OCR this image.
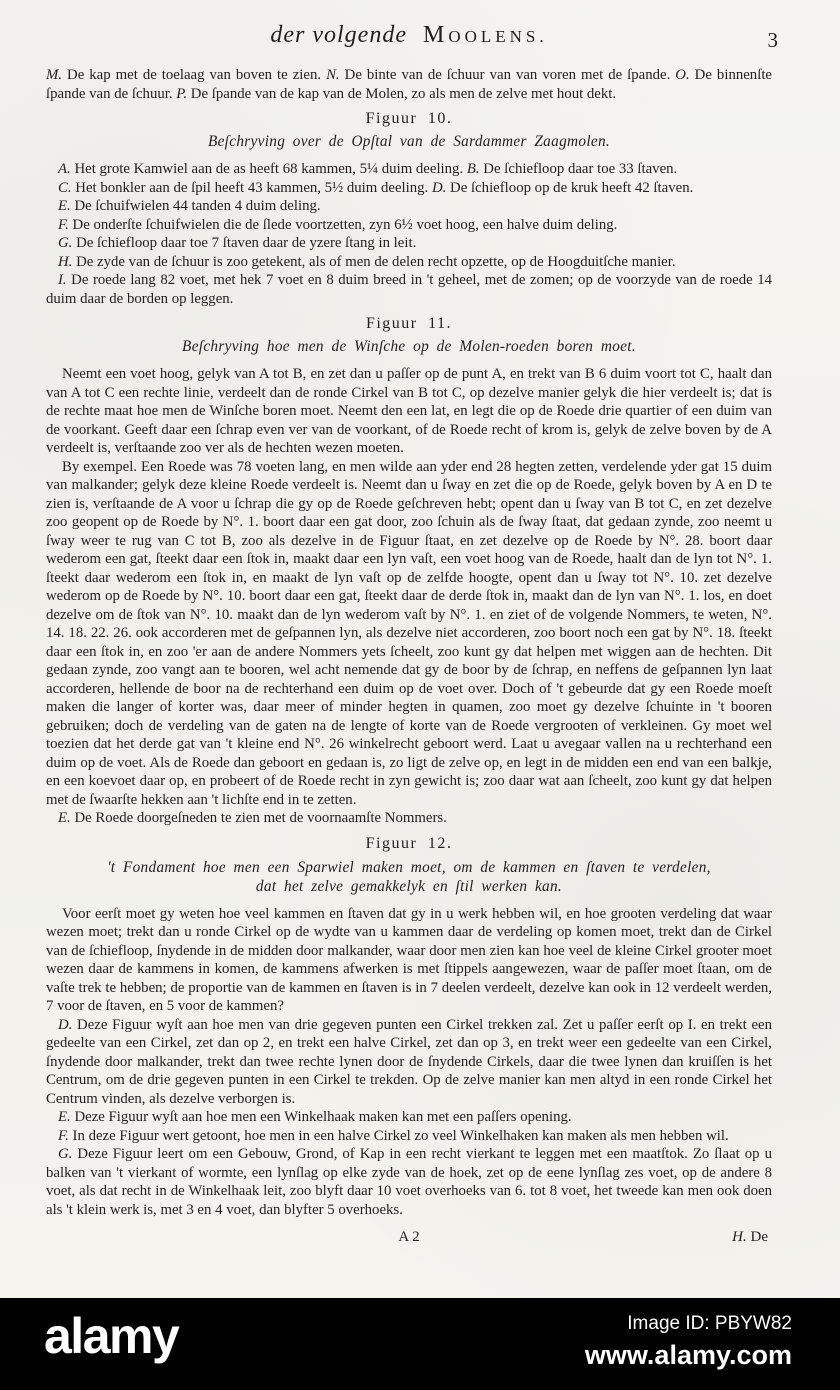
der volgende MOOLENS.	3

M. De kap met de toelaag van boven te zien. N. De binte van de ſchuur van van voren met de ſpande. O. De binnenſte ſpande van de ſchuur. P. De ſpande van de kap van de Molen, zo als men de zelve met hout dekt.

Figuur 10.
Beſchryving over de Opſtal van de Sardammer Zaagmolen.

A. Het grote Kamwiel aan de as heeft 68 kammen, 5¼ duim deeling. B. De ſchiefloop daar toe 33 ſtaven.

C. Het bonkler aan de ſpil heeft 43 kammen, 5½ duim deeling. D. De ſchiefloop op de kruk heeft 42 ſtaven.

E. De ſchuifwielen 44 tanden 4 duim deling.

F. De onderſte ſchuifwielen die de ſlede voortzetten, zyn 6½ voet hoog, een halve duim deling.

G. De ſchiefloop daar toe 7 ſtaven daar de yzere ſtang in leit.

H. De zyde van de ſchuur is zoo getekent, als of men de delen recht opzette, op de Hoogduitſche manier.

I. De roede lang 82 voet, met hek 7 voet en 8 duim breed in 't geheel, met de zomen; op de voorzyde van de roede 14 duim daar de borden op leggen.

Figuur 11.
Beſchryving hoe men de Winſche op de Molen-roeden boren moet.

Neemt een voet hoog, gelyk van A tot B, en zet dan u paſſer op de punt A, en trekt van B 6 duim voort tot C, haalt dan van A tot C een rechte linie, verdeelt dan de ronde Cirkel van B tot C, op dezelve manier gelyk die hier verdeelt is; dat is de rechte maat hoe men de Winſche boren moet. Neemt den een lat, en legt die op de Roede drie quartier of een duim van de voorkant. Geeft daar een ſchrap even ver van de voorkant, of de Roede recht of krom is, gelyk de zelve boven by de A verdeelt is, verſtaande zoo ver als de hechten wezen moeten.

By exempel. Een Roede was 78 voeten lang, en men wilde aan yder end 28 hegten zetten, verdelende yder gat 15 duim van malkander; gelyk deze kleine Roede verdeelt is. Neemt dan u ſway en zet die op de Roede, gelyk boven by A en D te zien is, verſtaande de A voor u ſchrap die gy op de Roede geſchreven hebt; opent dan u ſway van B tot C, en zet dezelve zoo geopent op de Roede by N°. 1. boort daar een gat door, zoo ſchuin als de ſway ſtaat, dat gedaan zynde, zoo neemt u ſway weer te rug van C tot B, zoo als dezelve in de Figuur ſtaat, en zet dezelve op de Roede by N°. 28. boort daar wederom een gat, ſteekt daar een ſtok in, maakt daar een lyn vaſt, een voet hoog van de Roede, haalt dan de lyn tot N°. 1. ſteekt daar wederom een ſtok in, en maakt de lyn vaſt op de zelfde hoogte, opent dan u ſway tot N°. 10. zet dezelve wederom op de Roede by N°. 10. boort daar een gat, ſteekt daar de derde ſtok in, maakt dan de lyn van N°. 1. los, en doet dezelve om de ſtok van N°. 10. maakt dan de lyn wederom vaſt by N°. 1. en ziet of de volgende Nommers, te weten, N°. 14. 18. 22. 26. ook accorderen met de geſpannen lyn, als dezelve niet accorderen, zoo boort noch een gat by N°. 18. ſteekt daar een ſtok in, en zoo 'er aan de andere Nommers yets ſcheelt, zoo kunt gy dat helpen met wiggen aan de hechten. Dit gedaan zynde, zoo vangt aan te booren, wel acht nemende dat gy de boor by de ſchrap, en neffens de geſpannen lyn laat accorderen, hellende de boor na de rechterhand een duim op de voet over. Doch of 't gebeurde dat gy een Roede moeſt maken die langer of korter was, daar meer of minder hegten in quamen, zoo moet gy dezelve ſchuinte in 't booren gebruiken; doch de verdeling van de gaten na de lengte of korte van de Roede vergrooten of verkleinen. Gy moet wel toezien dat het derde gat van 't kleine end N°. 26 winkelrecht geboort werd. Laat u avegaar vallen na u rechterhand een duim op de voet. Als de Roede dan geboort en gedaan is, zo ligt de zelve op, en legt in de midden een end van een balkje, en een koevoet daar op, en probeert of de Roede recht in zyn gewicht is; zoo daar wat aan ſcheelt, zoo kunt gy dat helpen met de ſwaarſte hekken aan 't lichſte end in te zetten.

E. De Roede doorgeſneden te zien met de voornaamſte Nommers.

Figuur 12.
't Fondament hoe men een Sparwiel maken moet, om de kammen en ſtaven te verdelen,
dat het zelve gemakkelyk en ſtil werken kan.

Voor eerſt moet gy weten hoe veel kammen en ſtaven dat gy in u werk hebben wil, en hoe grooten verdeling dat waar wezen moet; trekt dan u ronde Cirkel op de wydte van u kammen daar de verdeling op komen moet, trekt dan de Cirkel van de ſchiefloop, ſnydende in de midden door malkander, waar door men zien kan hoe veel de kleine Cirkel grooter moet wezen daar de kammens in komen, de kammens afwerken is met ſtippels aangewezen, waar de paſſer moet ſtaan, om de vaſte trek te hebben; de proportie van de kammen en ſtaven is in 7 deelen verdeelt, dezelve kan ook in 12 verdeelt werden, 7 voor de ſtaven, en 5 voor de kammen?

D. Deze Figuur wyſt aan hoe men van drie gegeven punten een Cirkel trekken zal. Zet u paſſer eerſt op I. en trekt een gedeelte van een Cirkel, zet dan op 2, en trekt een halve Cirkel, zet dan op 3, en trekt weer een gedeelte van een Cirkel, ſnydende door malkander, trekt dan twee rechte lynen door de ſnydende Cirkels, daar die twee lynen dan kruiſſen is het Centrum, om de drie gegeven punten in een Cirkel te trekden. Op de zelve manier kan men altyd in een ronde Cirkel het Centrum vinden, als dezelve verborgen is.

E. Deze Figuur wyſt aan hoe men een Winkelhaak maken kan met een paſſers opening.

F. In deze Figuur wert getoont, hoe men in een halve Cirkel zo veel Winkelhaken kan maken als men hebben wil.

G. Deze Figuur leert om een Gebouw, Grond, of Kap in een recht vierkant te leggen met een maatſtok. Zo ſlaat op u balken van 't vierkant of wormte, een lynſlag op elke zyde van de hoek, zet op de eene lynſlag zes voet, op de andere 8 voet, als dat recht in de Winkelhaak leit, zoo blyft daar 10 voet overhoeks van 6. tot 8 voet, het tweede kan men ook doen als 't klein werk is, met 3 en 4 voet, dan blyfter 5 overhoeks.

A 2	H. De
alamy	Image ID: PBYW82
www.alamy.com
